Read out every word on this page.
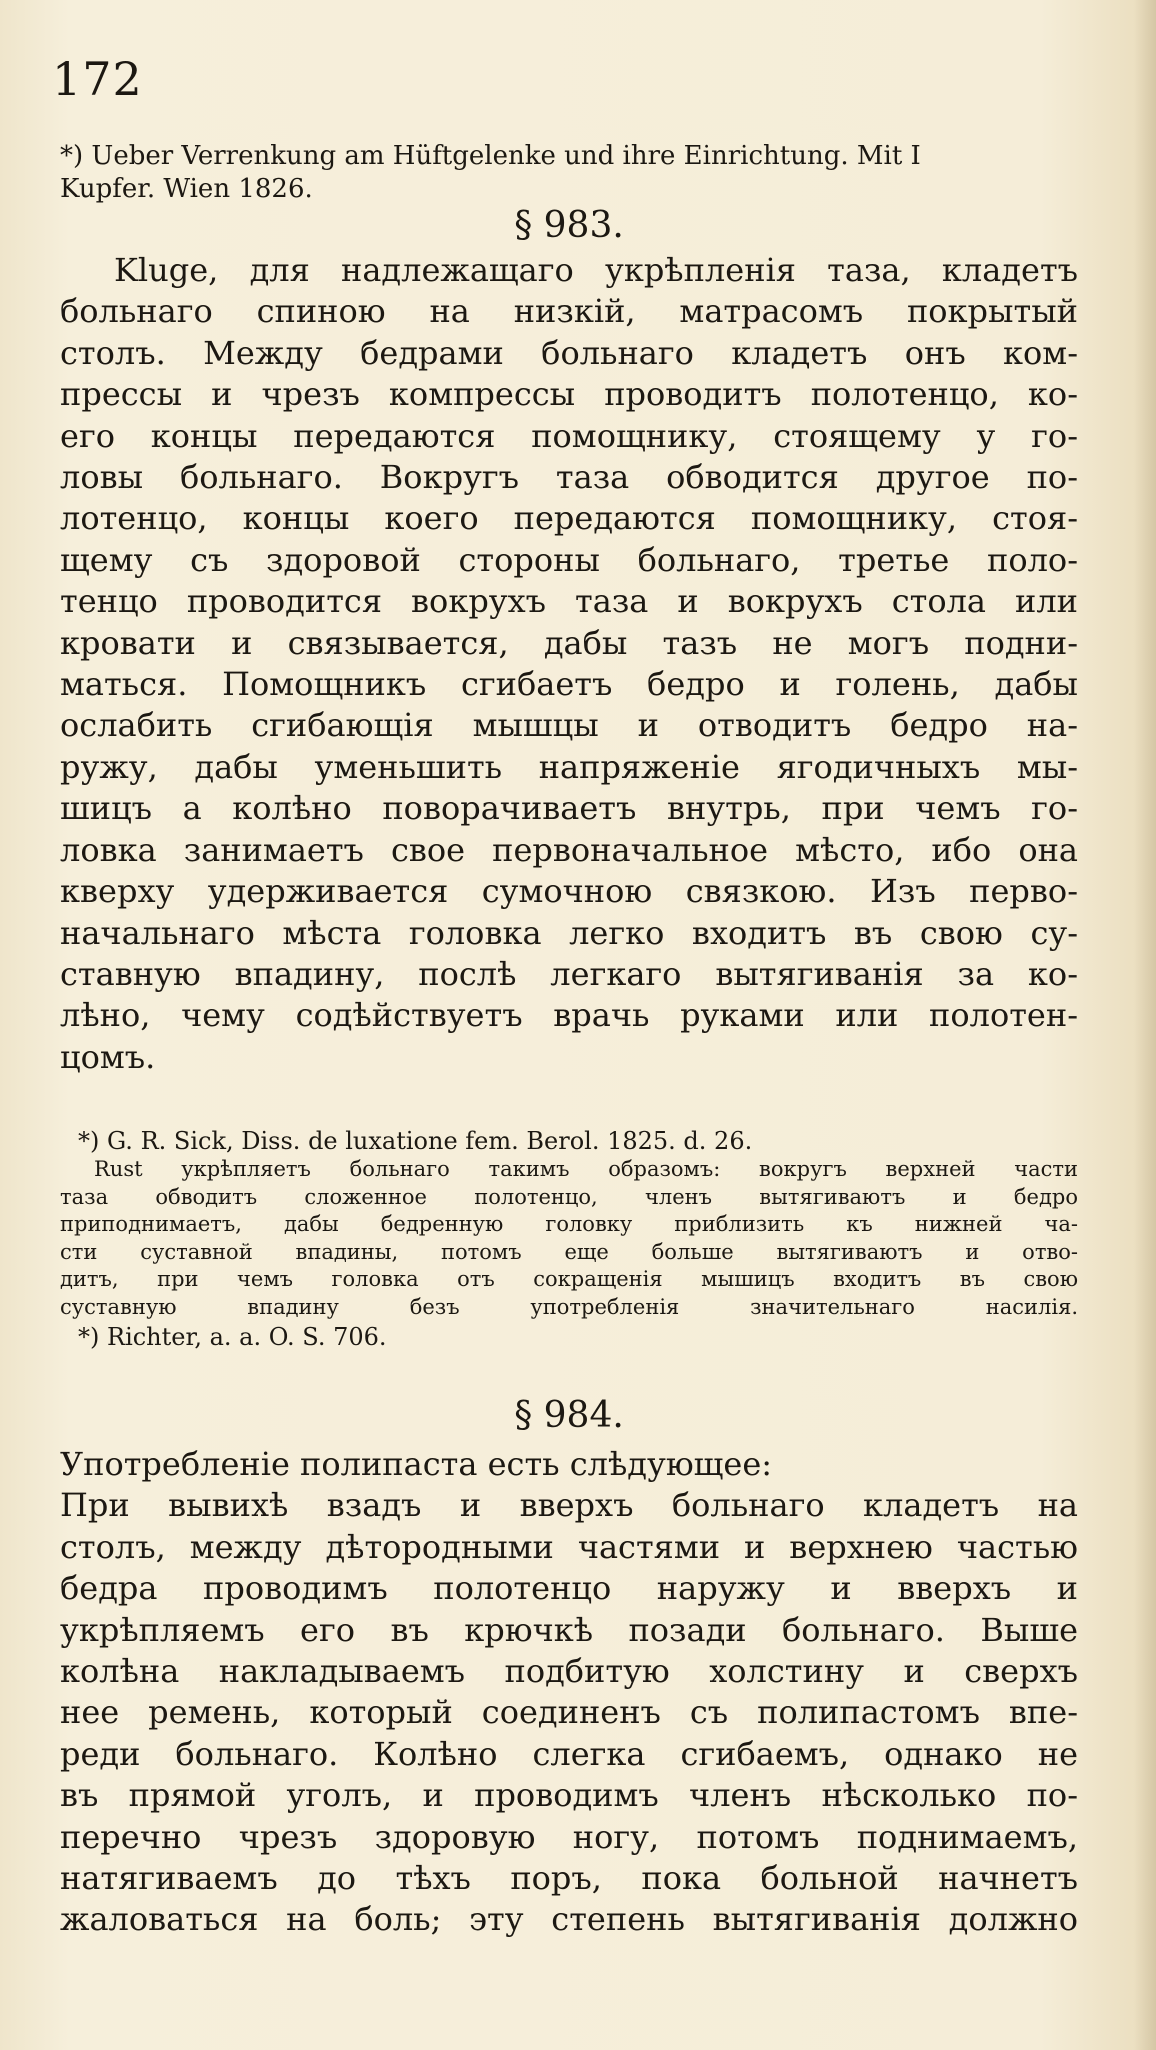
172
*) Ueber Verrenkung am Hüftgelenke und ihre Einrichtung. Mit I
Kupfer. Wien 1826.
§ 983.
Kluge, для надлежащаго укрѣпленія таза, кладетъ
больнаго спиною на низкій, матрасомъ покрытый
столъ. Между бедрами больнаго кладетъ онъ ком-
прессы и чрезъ компрессы проводитъ полотенцо, ко-
его концы передаются помощнику, стоящему у го-
ловы больнаго. Вокругъ таза обводится другое по-
лотенцо, концы коего передаются помощнику, стоя-
щему съ здоровой стороны больнаго, третье поло-
тенцо проводится вокрухъ таза и вокрухъ стола или
кровати и связывается, дабы тазъ не могъ подни-
маться. Помощникъ сгибаетъ бедро и голень, дабы
ослабить сгибающія мышцы и отводитъ бедро на-
ружу, дабы уменьшить напряженіе ягодичныхъ мы-
шицъ а колѣно поворачиваетъ внутрь, при чемъ го-
ловка занимаетъ свое первоначальное мѣсто, ибо она
кверху удерживается сумочною связкою. Изъ перво-
начальнаго мѣста головка легко входитъ въ свою су-
ставную впадину, послѣ легкаго вытягиванія за ко-
лѣно, чему содѣйствуетъ врачь руками или полотен-
цомъ.
*) G. R. Sick, Diss. de luxatione fem. Berol. 1825. d. 26.
Rust укрѣпляетъ больнаго такимъ образомъ: вокругъ верхней части
таза обводитъ сложенное полотенцо, членъ вытягиваютъ и бедро
приподнимаетъ, дабы бедренную головку приблизить къ нижней ча-
сти суставной впадины, потомъ еще больше вытягиваютъ и отво-
дитъ, при чемъ головка отъ сокращенія мышицъ входитъ въ свою
суставную впадину безъ употребленія значительнаго насилія.
*) Richter, a. a. O. S. 706.
§ 984.
Употребленіе полипаста есть слѣдующее:
При вывихѣ взадъ и вверхъ больнаго кладетъ на
столъ, между дѣтородными частями и верхнею частью
бедра проводимъ полотенцо наружу и вверхъ и
укрѣпляемъ его въ крючкѣ позади больнаго. Выше
колѣна накладываемъ подбитую холстину и сверхъ
нее ремень, который соединенъ съ полипастомъ впе-
реди больнаго. Колѣно слегка сгибаемъ, однако не
въ прямой уголъ, и проводимъ членъ нѣсколько по-
перечно чрезъ здоровую ногу, потомъ поднимаемъ,
натягиваемъ до тѣхъ поръ, пока больной начнетъ
жаловаться на боль; эту степень вытягиванія должно
